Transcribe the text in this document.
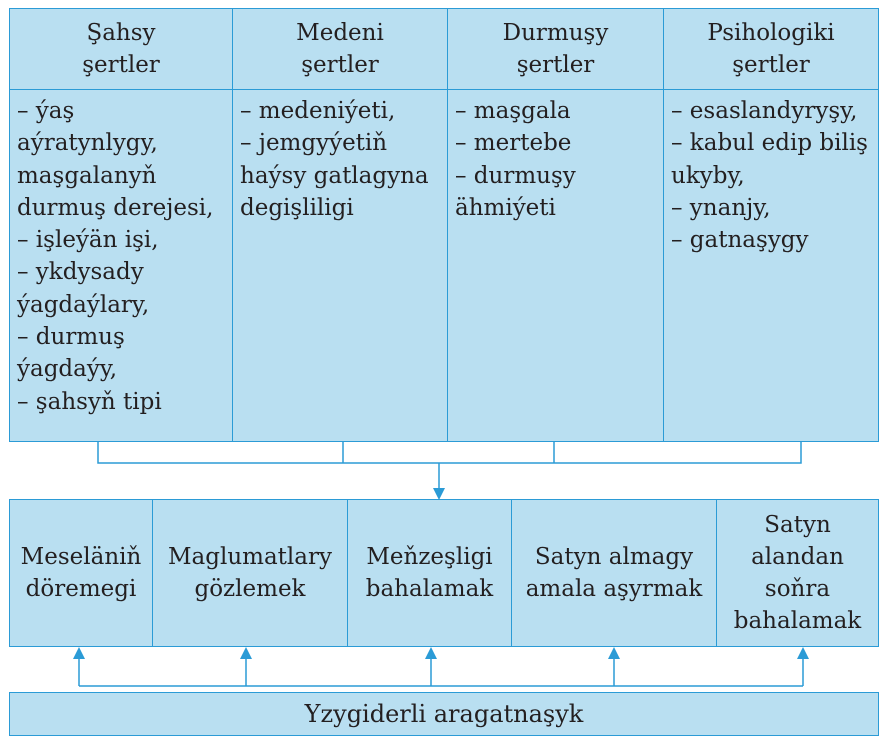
Şahsy
şertler
– ýaş
aýratynlygy,
maşgalanyň
durmuş derejesi,
– işleýän işi,
– ykdysady
ýagdaýlary,
– durmuş
ýagdaýy,
– şahsyň tipi
Medeni
şertler
– medeniýeti,
– jemgyýetiň
haýsy gatlagyna
degişliligi
Durmuşy
şertler
– maşgala
– mertebe
– durmuşy
ähmiýeti
Psihologiki
şertler
– esaslandyryşy,
– kabul edip biliş
ukyby,
– ynanjy,
– gatnaşygy
Meseläniň
döremegi
Maglumatlary
gözlemek
Meňzeşligi
bahalamak
Satyn almagy
amala aşyrmak
Satyn
alandan
soňra
bahalamak
Yzygiderli aragatnaşyk
